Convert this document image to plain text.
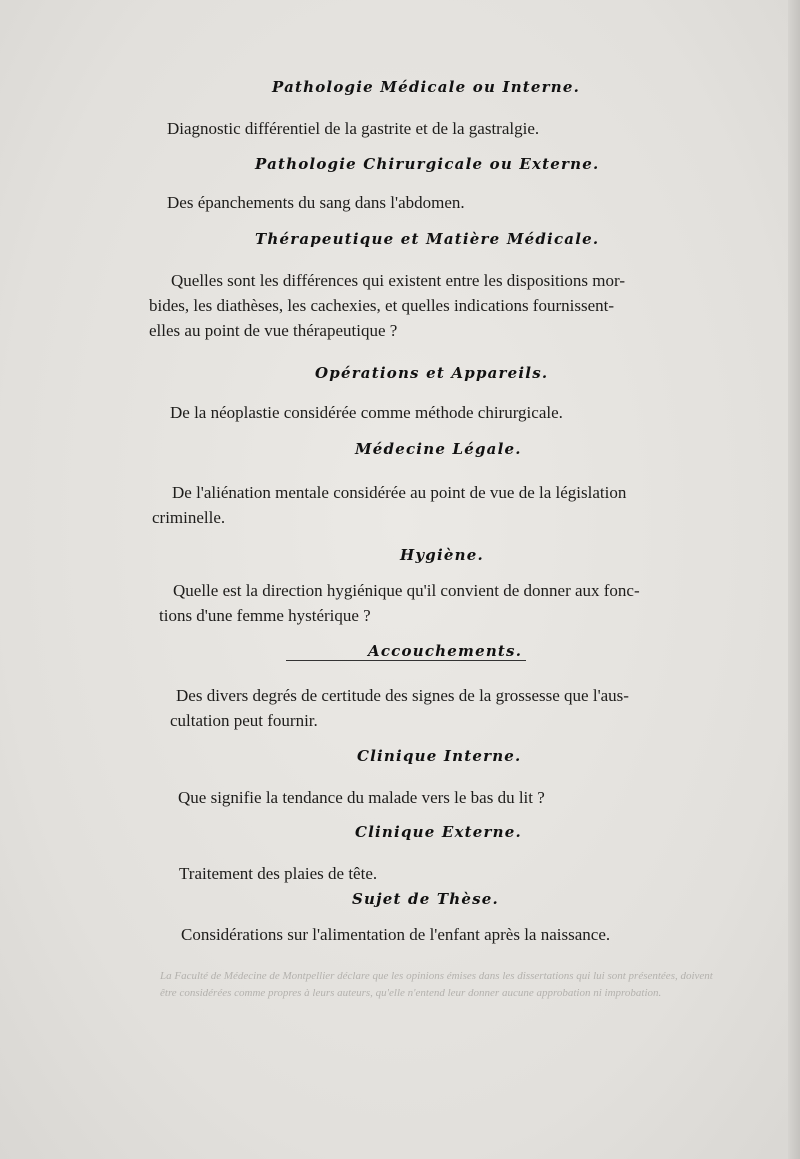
Pathologie Médicale ou Interne.
Diagnostic différentiel de la gastrite et de la gastralgie.
Pathologie Chirurgicale ou Externe.
Des épanchements du sang dans l'abdomen.
Thérapeutique et Matière Médicale.
Quelles sont les différences qui existent entre les dispositions mor-
bides, les diathèses, les cachexies, et quelles indications fournissent-
elles au point de vue thérapeutique ?
Opérations et Appareils.
De la néoplastie considérée comme méthode chirurgicale.
Médecine Légale.
De l'aliénation mentale considérée au point de vue de la législation
criminelle.
Hygiène.
Quelle est la direction hygiénique qu'il convient de donner aux fonc-
tions d'une femme hystérique ?
Accouchements.
Des divers degrés de certitude des signes de la grossesse que l'aus-
cultation peut fournir.
Clinique Interne.
Que signifie la tendance du malade vers le bas du lit ?
Clinique Externe.
Traitement des plaies de tête.
Sujet de Thèse.
Considérations sur l'alimentation de l'enfant après la naissance.
La Faculté de Médecine de Montpellier déclare que les opinions émises dans les dissertations qui lui sont présentées, doivent être considérées comme propres à leurs auteurs, qu'elle n'entend leur donner aucune approbation ni improbation.
